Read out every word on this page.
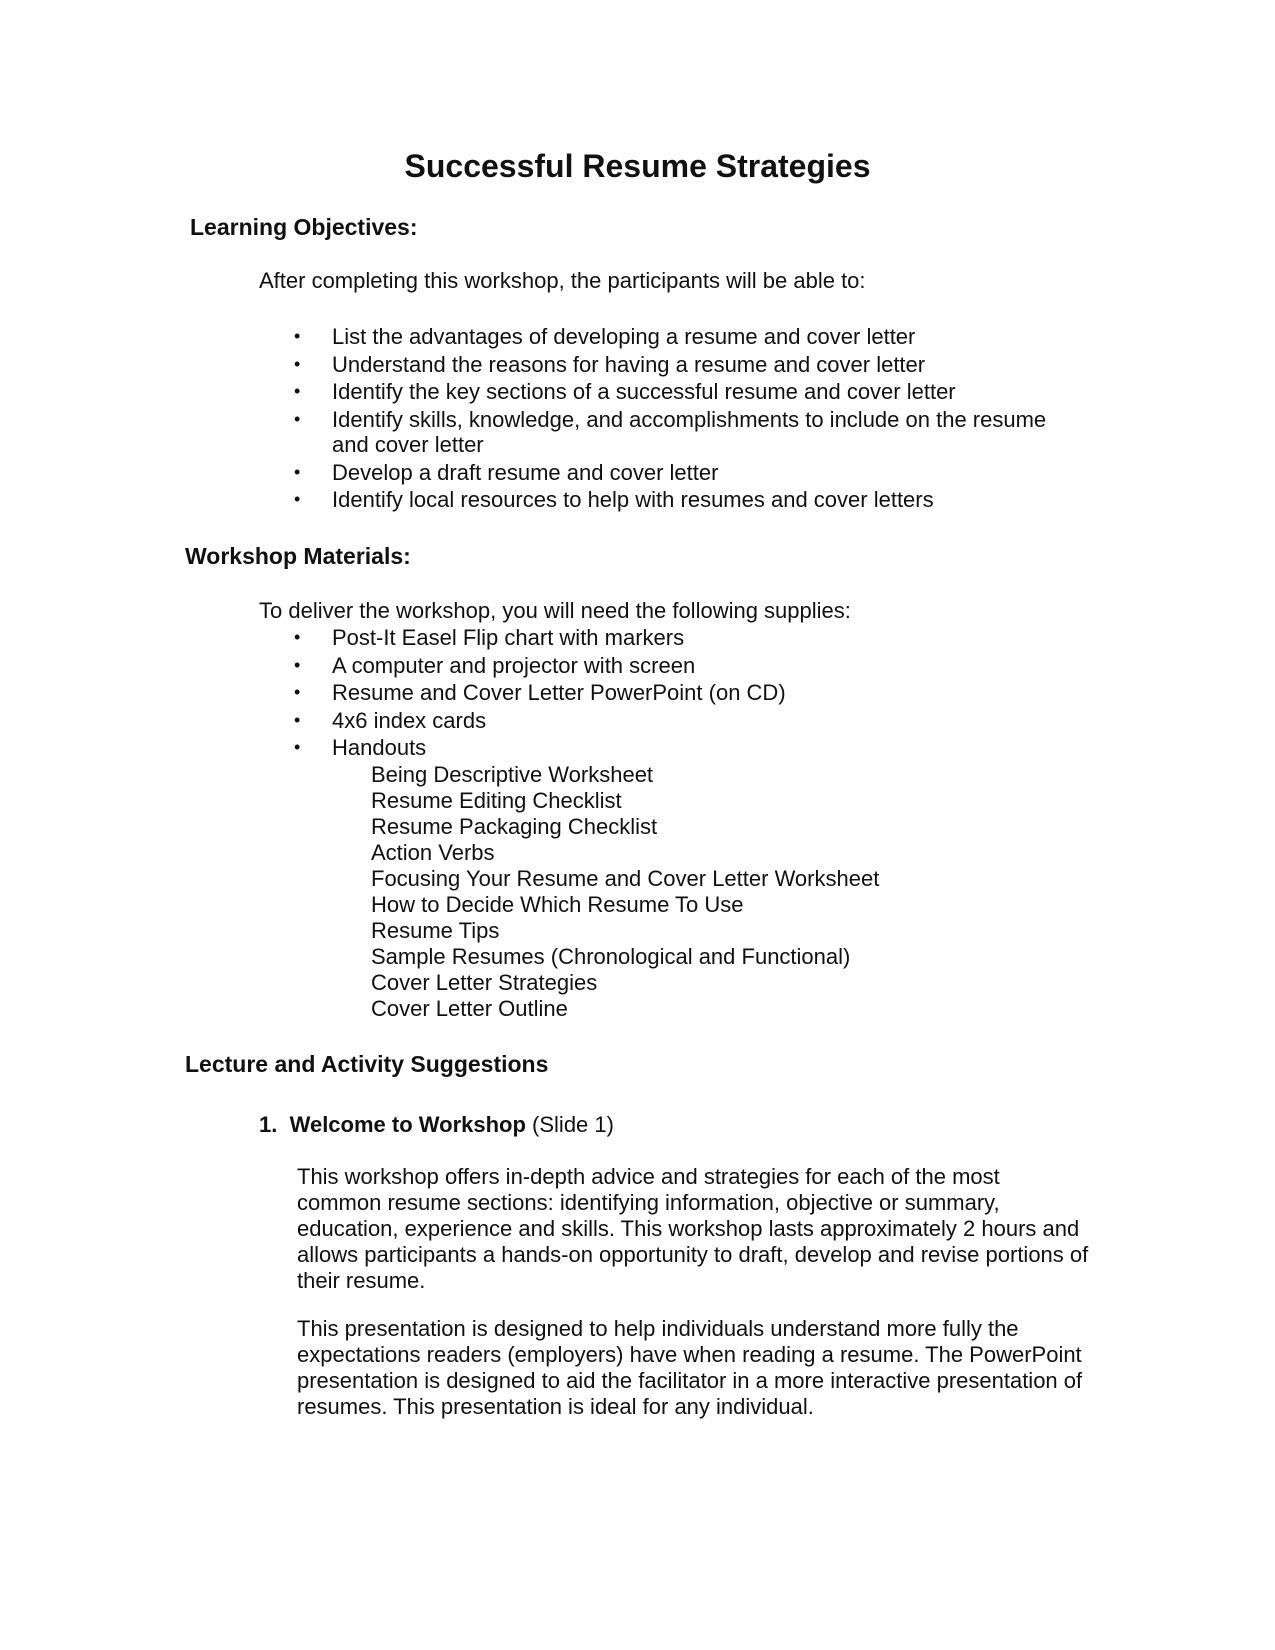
Successful Resume Strategies
Learning Objectives:
After completing this workshop, the participants will be able to:
• List the advantages of developing a resume and cover letter
• Understand the reasons for having a resume and cover letter
• Identify the key sections of a successful resume and cover letter
• Identify skills, knowledge, and accomplishments to include on the resume
and cover letter
• Develop a draft resume and cover letter
• Identify local resources to help with resumes and cover letters
Workshop Materials:
To deliver the workshop, you will need the following supplies:
• Post-It Easel Flip chart with markers
• A computer and projector with screen
• Resume and Cover Letter PowerPoint (on CD)
• 4x6 index cards
• Handouts
Being Descriptive Worksheet
Resume Editing Checklist
Resume Packaging Checklist
Action Verbs
Focusing Your Resume and Cover Letter Worksheet
How to Decide Which Resume To Use
Resume Tips
Sample Resumes (Chronological and Functional)
Cover Letter Strategies
Cover Letter Outline
Lecture and Activity Suggestions
1. Welcome to Workshop (Slide 1)
This workshop offers in-depth advice and strategies for each of the most
common resume sections: identifying information, objective or summary,
education, experience and skills. This workshop lasts approximately 2 hours and
allows participants a hands-on opportunity to draft, develop and revise portions of
their resume.
This presentation is designed to help individuals understand more fully the
expectations readers (employers) have when reading a resume. The PowerPoint
presentation is designed to aid the facilitator in a more interactive presentation of
resumes. This presentation is ideal for any individual.
